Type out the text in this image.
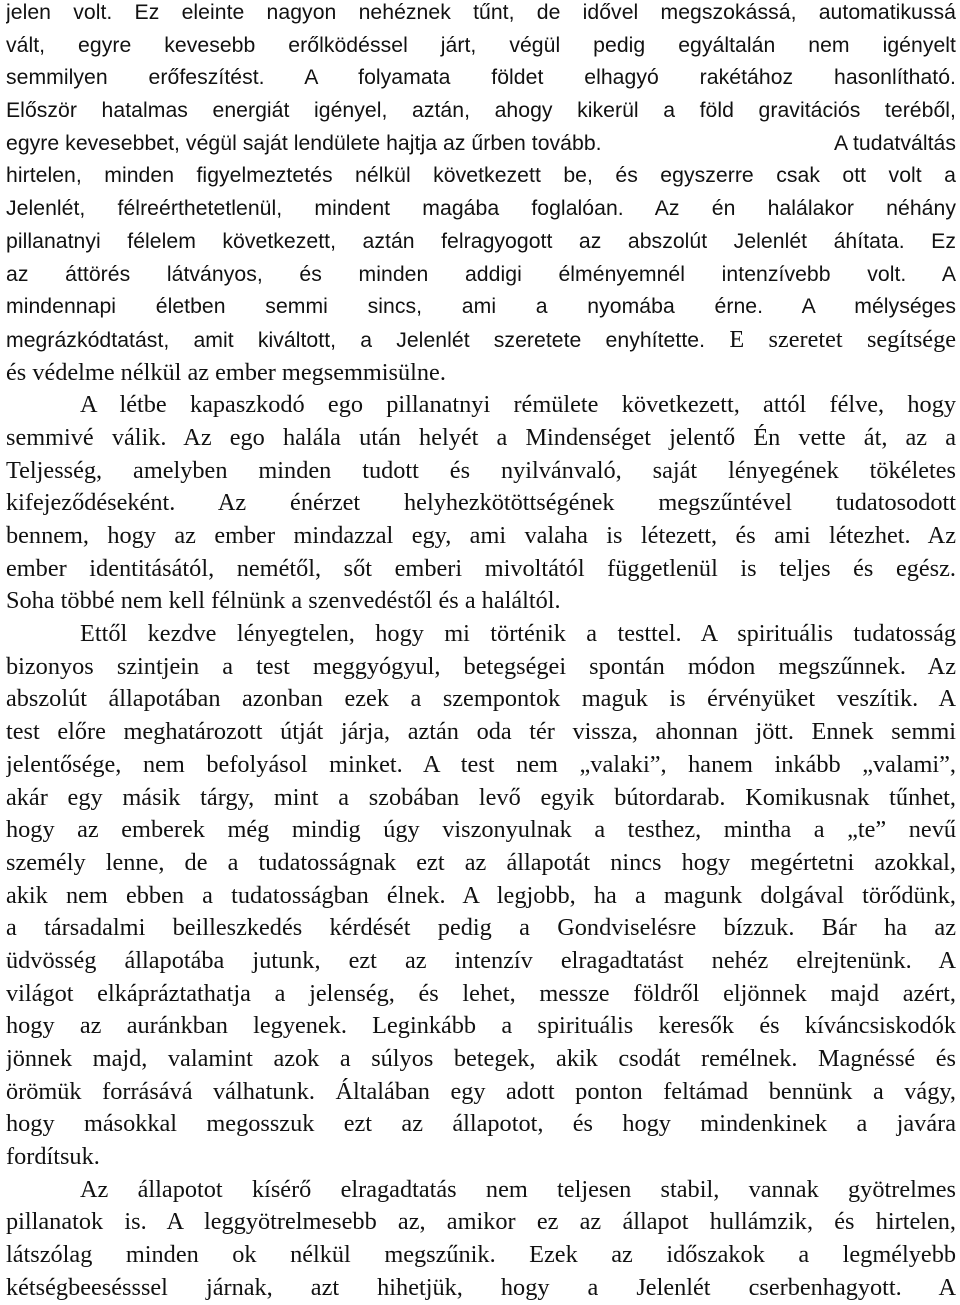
jelen volt. Ez eleinte nagyon nehéznek tűnt, de idővel megszokássá, automatikussá
vált, egyre kevesebb erőlködéssel járt, végül pedig egyáltalán nem igényelt
semmilyen erőfeszítést. A folyamata földet elhagyó rakétához hasonlítható.
Először hatalmas energiát igényel, aztán, ahogy kikerül a föld gravitációs teréből,
egyre kevesebbet, végül saját lendülete hajtja az űrben tovább.	A tudatváltás
hirtelen, minden figyelmeztetés nélkül következett be, és egyszerre csak ott volt a
Jelenlét, félreérthetetlenül, mindent magába foglalóan. Az én halálakor néhány
pillanatnyi félelem következett, aztán felragyogott az abszolút Jelenlét áhítata. Ez
az áttörés látványos, és minden addigi élményemnél intenzívebb volt. A
mindennapi életben semmi sincs, ami a nyomába érne. A mélységes
megrázkódtatást, amit kiváltott, a Jelenlét szeretete enyhítette. E szeretet segítsége
és védelme nélkül az ember megsemmisülne.
A létbe kapaszkodó ego pillanatnyi rémülete következett, attól félve, hogy
semmivé válik. Az ego halála után helyét a Mindenséget jelentő Én vette át, az a
Teljesség, amelyben minden tudott és nyilvánvaló, saját lényegének tökéletes
kifejeződéseként. Az énérzet helyhezkötöttségének megszűntével tudatosodott
bennem, hogy az ember mindazzal egy, ami valaha is létezett, és ami létezhet. Az
ember identitásától, nemétől, sőt emberi mivoltától függetlenül is teljes és egész.
Soha többé nem kell félnünk a szenvedéstől és a haláltól.
Ettől kezdve lényegtelen, hogy mi történik a testtel. A spirituális tudatosság
bizonyos szintjein a test meggyógyul, betegségei spontán módon megszűnnek. Az
abszolút állapotában azonban ezek a szempontok maguk is érvényüket veszítik. A
test előre meghatározott útját járja, aztán oda tér vissza, ahonnan jött. Ennek semmi
jelentősége, nem befolyásol minket. A test nem „valaki”, hanem inkább „valami”,
akár egy másik tárgy, mint a szobában levő egyik bútordarab. Komikusnak tűnhet,
hogy az emberek még mindig úgy viszonyulnak a testhez, mintha a „te” nevű
személy lenne, de a tudatosságnak ezt az állapotát nincs hogy megértetni azokkal,
akik nem ebben a tudatosságban élnek. A legjobb, ha a magunk dolgával törődünk,
a társadalmi beilleszkedés kérdését pedig a Gondviselésre bízzuk. Bár ha az
üdvösség állapotába jutunk, ezt az intenzív elragadtatást nehéz elrejtenünk. A
világot elkápráztathatja a jelenség, és lehet, messze földről eljönnek majd azért,
hogy az auránkban legyenek. Leginkább a spirituális keresők és kíváncsiskodók
jönnek majd, valamint azok a súlyos betegek, akik csodát remélnek. Magnéssé és
örömük forrásává válhatunk. Általában egy adott ponton feltámad bennünk a vágy,
hogy másokkal megosszuk ezt az állapotot, és hogy mindenkinek a javára
fordítsuk.
Az állapotot kísérő elragadtatás nem teljesen stabil, vannak gyötrelmes
pillanatok is. A leggyötrelmesebb az, amikor ez az állapot hullámzik, és hirtelen,
látszólag minden ok nélkül megszűnik. Ezek az időszakok a legmélyebb
kétségbeesésssel járnak, azt hihetjük, hogy a Jelenlét cserbenhagyott. A
